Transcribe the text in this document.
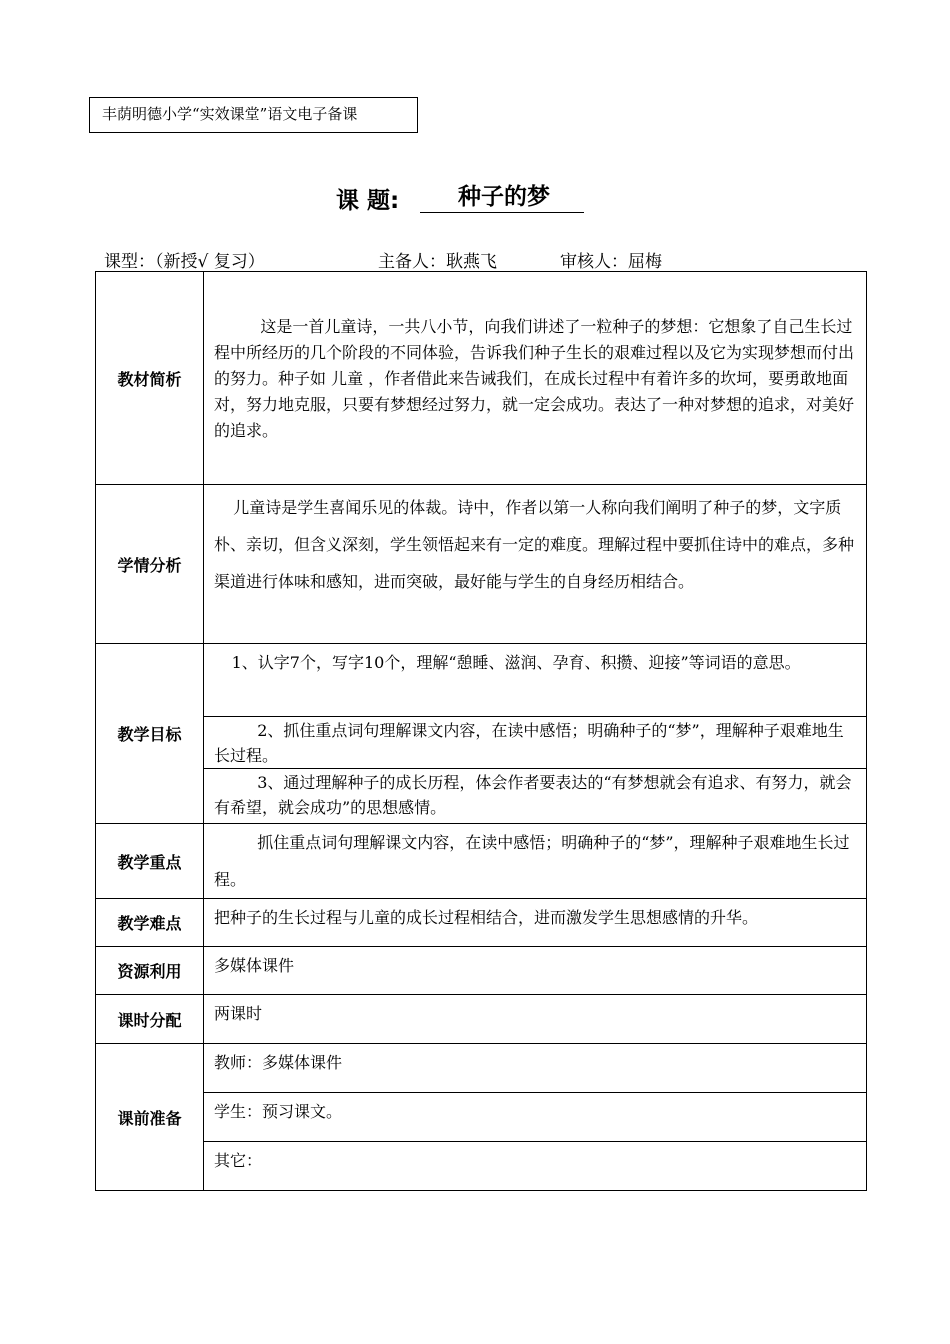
丰荫明德小学“实效课堂”语文电子备课
课 题:	种子的梦
课型：（新授√ 复习）	主备人：耿燕飞	审核人：屈梅
教材简析	这是一首儿童诗，一共八小节，向我们讲述了一粒种子的梦想：它想象了自己生长过程中所经历的几个阶段的不同体验，告诉我们种子生长的艰难过程以及它为实现梦想而付出的努力。种子如 儿童 ，作者借此来告诫我们，在成长过程中有着许多的坎坷，要勇敢地面对，努力地克服，只要有梦想经过努力，就一定会成功。表达了一种对梦想的追求，对美好的追求。

学情分析	儿童诗是学生喜闻乐见的体裁。诗中，作者以第一人称向我们阐明了种子的梦，文字质朴、亲切，但含义深刻，学生领悟起来有一定的难度。理解过程中要抓住诗中的难点，多种渠道进行体味和感知，进而突破，最好能与学生的自身经历相结合。

教学目标	1、认字7个，写字10个，理解“憩睡、滋润、孕育、积攒、迎接”等词语的意思。

	2、抓住重点词句理解课文内容，在读中感悟；明确种子的“梦”，理解种子艰难地生长过程。

	3、通过理解种子的成长历程，体会作者要表达的“有梦想就会有追求、有努力，就会有希望，就会成功”的思想感情。

教学重点	抓住重点词句理解课文内容，在读中感悟；明确种子的“梦”，理解种子艰难地生长过程。

教学难点	把种子的生长过程与儿童的成长过程相结合，进而激发学生思想感情的升华。

资源利用	多媒体课件

课时分配	两课时

课前准备	教师：多媒体课件

	学生：预习课文。

	其它：
